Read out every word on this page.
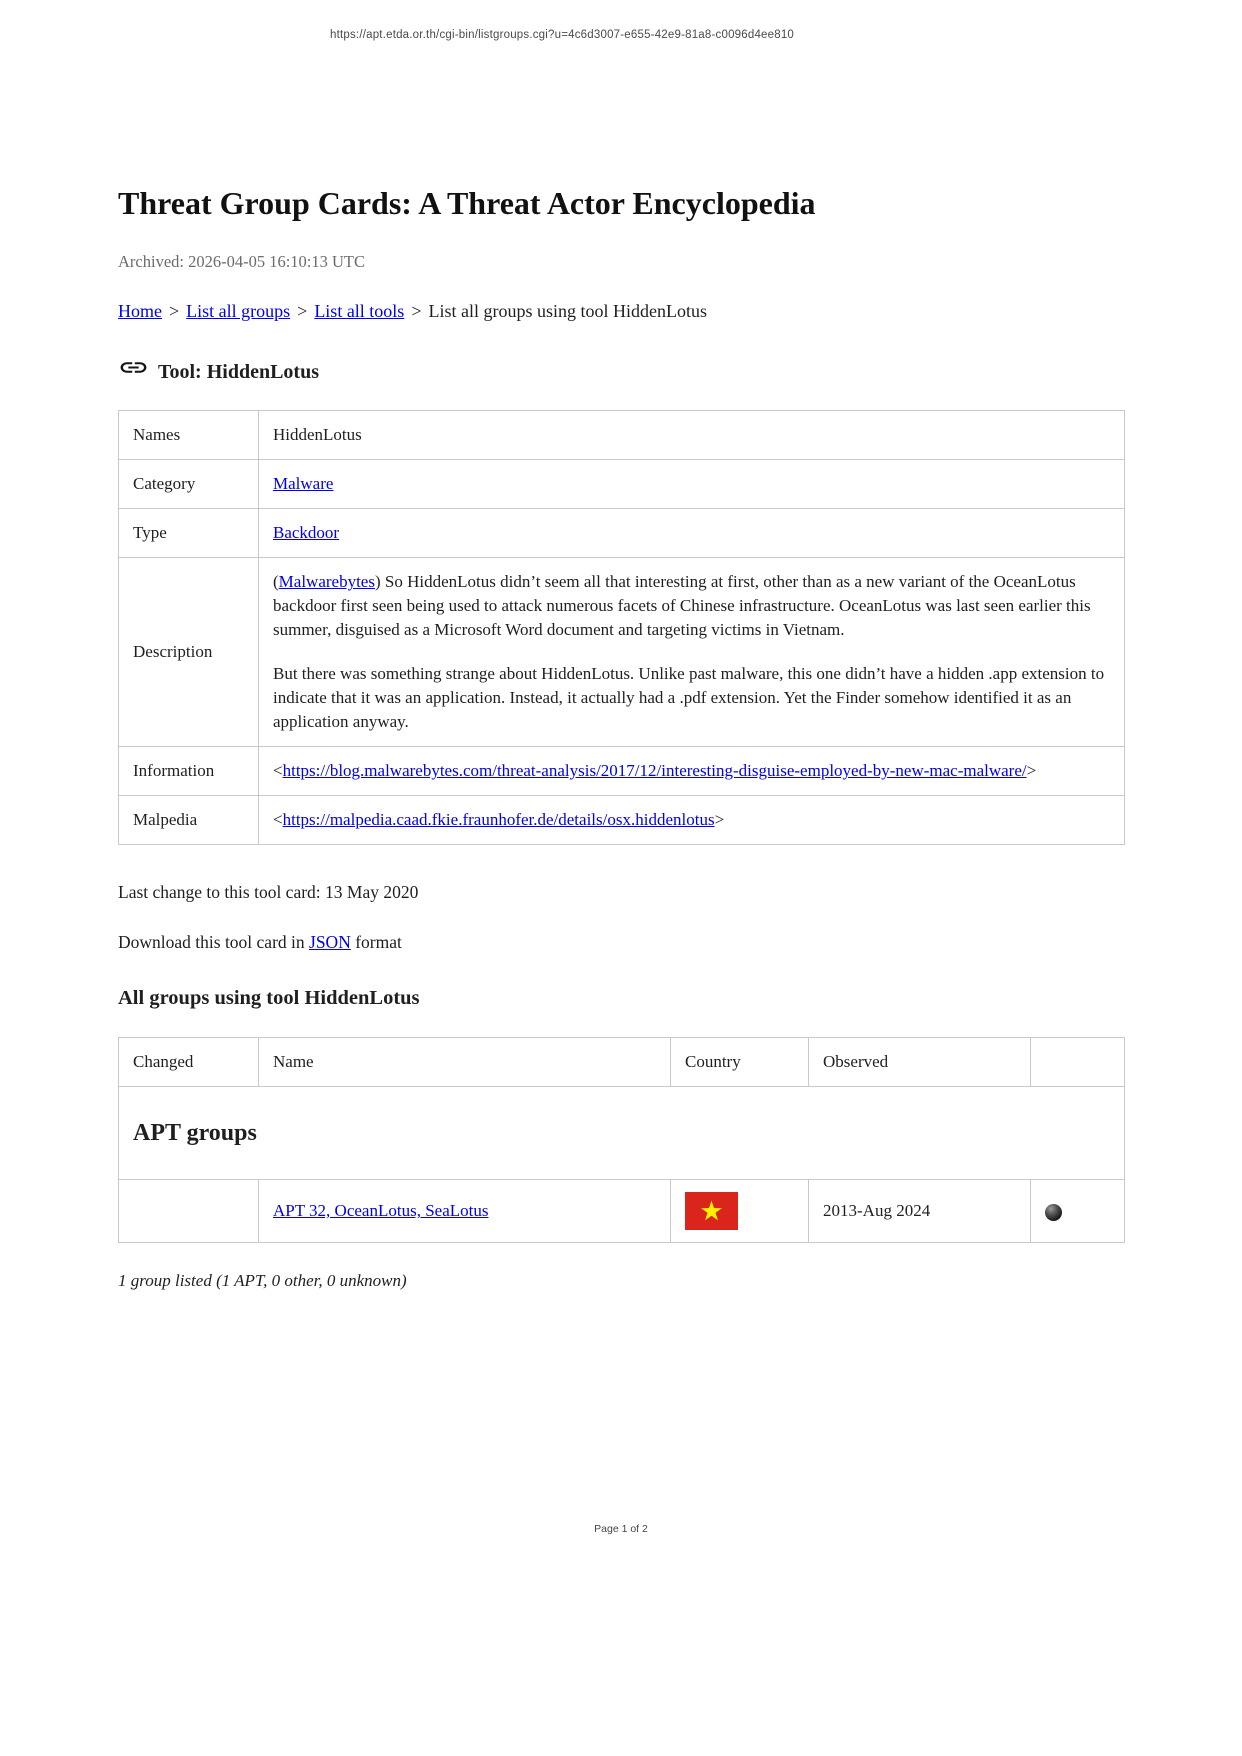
https://apt.etda.or.th/cgi-bin/listgroups.cgi?u=4c6d3007-e655-42e9-81a8-c0096d4ee810
Threat Group Cards: A Threat Actor Encyclopedia

Archived: 2026-04-05 16:10:13 UTC

Home > List all groups > List all tools > List all groups using tool HiddenLotus

Tool: HiddenLotus
Names	HiddenLotus
Category	Malware
Type	Backdoor
Description	(Malwarebytes) So HiddenLotus didn’t seem all that interesting at first, other than as a new variant of the OceanLotus backdoor first seen being used to attack numerous facets of Chinese infrastructure. OceanLotus was last seen earlier this summer, disguised as a Microsoft Word document and targeting victims in Vietnam.

But there was something strange about HiddenLotus. Unlike past malware, this one didn’t have a hidden .app extension to indicate that it was an application. Instead, it actually had a .pdf extension. Yet the Finder somehow identified it as an application anyway.

Information	<https://blog.malwarebytes.com/threat-analysis/2017/12/interesting-disguise-employed-by-new-mac-malware/>
Malpedia	<https://malpedia.caad.fkie.fraunhofer.de/details/osx.hiddenlotus>

Last change to this tool card: 13 May 2020

Download this tool card in JSON format

All groups using tool HiddenLotus
Changed	Name	Country	Observed	
APT groups				
	APT 32, OceanLotus, SeaLotus		2013-Aug 2024	

1 group listed (1 APT, 0 other, 0 unknown)

Page 1 of 2
